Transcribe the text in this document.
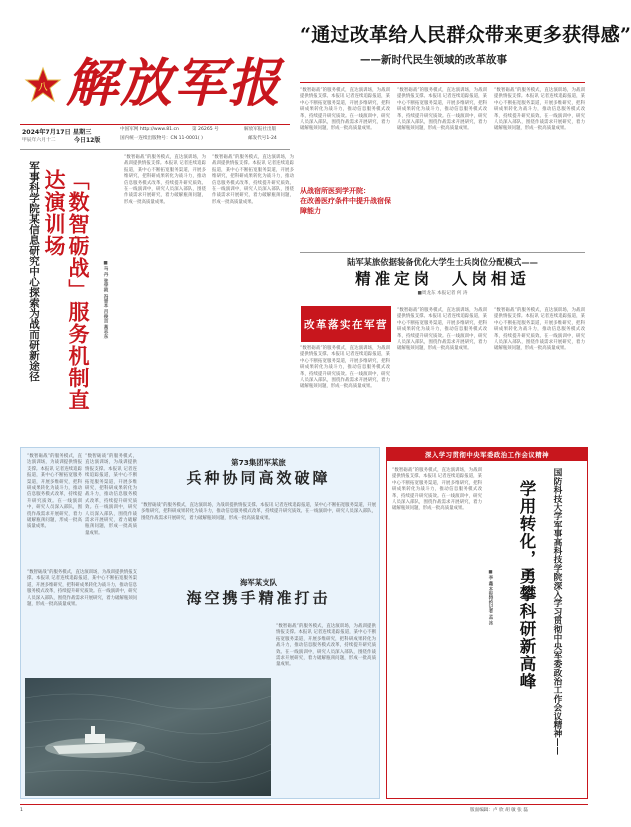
八 解放军报
2024年7月17日 星期三
甲辰年六月十二	今日12版
中国军网 http://www.81.cn	第 26265 号	解放军报社出版
国内统一连续出版物号：CN 11-0001( )	邮发代号1-24
“通过改革给人民群众带来更多获得感”
——新时代民生领域的改革故事
“数智砺战”的服务模式，直达演训场，为战训提供情报支撑。本报讯 记者连续追踪报道，某中心不断拓宽服务渠道，开展多维研究，把科研成果转化为战斗力，推动信息服务模式改革，持续提升研究质效。在一线演训中，研究人员深入部队，围绕作战需求开展研究，着力破解瓶颈问题，形成一批高质量成果。
“数智砺战”的服务模式，直达演训场，为战训提供情报支撑。本报讯 记者连续追踪报道，某中心不断拓宽服务渠道，开展多维研究，把科研成果转化为战斗力，推动信息服务模式改革，持续提升研究质效。在一线演训中，研究人员深入部队，围绕作战需求开展研究，着力破解瓶颈问题，形成一批高质量成果。
“数智砺战”的服务模式，直达演训场，为战训提供情报支撑。本报讯 记者连续追踪报道，某中心不断拓宽服务渠道，开展多维研究，把科研成果转化为战斗力，推动信息服务模式改革，持续提升研究质效。在一线演训中，研究人员深入部队，围绕作战需求开展研究，着力破解瓶颈问题，形成一批高质量成果。
从战宿所医到学开院：
在改善医疗条件中提升战宿保障能力
军事科学院某信息研究中心探索为战而研新途径	「数智砺战」服务机制直达演训场
■马 丹 张学祯 冯晋本 吕俊吉 高志东
“数智砺战”的服务模式，直达演训场，为战训提供情报支撑。本报讯 记者连续追踪报道，某中心不断拓宽服务渠道，开展多维研究，把科研成果转化为战斗力，推动信息服务模式改革，持续提升研究质效。在一线演训中，研究人员深入部队，围绕作战需求开展研究，着力破解瓶颈问题，形成一批高质量成果。
“数智砺战”的服务模式，直达演训场，为战训提供情报支撑。本报讯 记者连续追踪报道，某中心不断拓宽服务渠道，开展多维研究，把科研成果转化为战斗力，推动信息服务模式改革，持续提升研究质效。在一线演训中，研究人员深入部队，围绕作战需求开展研究，着力破解瓶颈问题，形成一批高质量成果。
陆军某旅依据装备优化大学生士兵岗位分配模式——
精准定岗  人岗相适
■周龙东 本报记者 何 涛
改革落实在军营
“数智砺战”的服务模式，直达演训场，为战训提供情报支撑。本报讯 记者连续追踪报道，某中心不断拓宽服务渠道，开展多维研究，把科研成果转化为战斗力，推动信息服务模式改革，持续提升研究质效。在一线演训中，研究人员深入部队，围绕作战需求开展研究，着力破解瓶颈问题，形成一批高质量成果。
“数智砺战”的服务模式，直达演训场，为战训提供情报支撑。本报讯 记者连续追踪报道，某中心不断拓宽服务渠道，开展多维研究，把科研成果转化为战斗力，推动信息服务模式改革，持续提升研究质效。在一线演训中，研究人员深入部队，围绕作战需求开展研究，着力破解瓶颈问题，形成一批高质量成果。
“数智砺战”的服务模式，直达演训场，为战训提供情报支撑。本报讯 记者连续追踪报道，某中心不断拓宽服务渠道，开展多维研究，把科研成果转化为战斗力，推动信息服务模式改革，持续提升研究质效。在一线演训中，研究人员深入部队，围绕作战需求开展研究，着力破解瓶颈问题，形成一批高质量成果。
“数智砺战”的服务模式，直达演训场，为战训提供情报支撑。本报讯 记者连续追踪报道，某中心不断拓宽服务渠道，开展多维研究，把科研成果转化为战斗力，推动信息服务模式改革，持续提升研究质效。在一线演训中，研究人员深入部队，围绕作战需求开展研究，着力破解瓶颈问题，形成一批高质量成果。
“数智砺战”的服务模式，直达演训场，为战训提供情报支撑。本报讯 记者连续追踪报道，某中心不断拓宽服务渠道，开展多维研究，把科研成果转化为战斗力，推动信息服务模式改革，持续提升研究质效。在一线演训中，研究人员深入部队，围绕作战需求开展研究，着力破解瓶颈问题，形成一批高质量成果。
“数智砺战”的服务模式，直达演训场，为战训提供情报支撑。本报讯 记者连续追踪报道，某中心不断拓宽服务渠道，开展多维研究，把科研成果转化为战斗力，推动信息服务模式改革，持续提升研究质效。在一线演训中，研究人员深入部队，围绕作战需求开展研究，着力破解瓶颈问题，形成一批高质量成果。
第73集团军某旅
兵种协同高效破障
“数智砺战”的服务模式，直达演训场，为战训提供情报支撑。本报讯 记者连续追踪报道，某中心不断拓宽服务渠道，开展多维研究，把科研成果转化为战斗力，推动信息服务模式改革，持续提升研究质效。在一线演训中，研究人员深入部队，围绕作战需求开展研究，着力破解瓶颈问题，形成一批高质量成果。
海军某支队
海空携手精准打击
“数智砺战”的服务模式，直达演训场，为战训提供情报支撑。本报讯 记者连续追踪报道，某中心不断拓宽服务渠道，开展多维研究，把科研成果转化为战斗力，推动信息服务模式改革，持续提升研究质效。在一线演训中，研究人员深入部队，围绕作战需求开展研究，着力破解瓶颈问题，形成一批高质量成果。
深入学习贯彻中央军委政治工作会议精神
“数智砺战”的服务模式，直达演训场，为战训提供情报支撑。本报讯 记者连续追踪报道，某中心不断拓宽服务渠道，开展多维研究，把科研成果转化为战斗力，推动信息服务模式改革，持续提升研究质效。在一线演训中，研究人员深入部队，围绕作战需求开展研究，着力破解瓶颈问题，形成一批高质量成果。	国防科技大学军事高科技学院深入学习贯彻中央军委政治工作会议精神——
学用转化，勇攀科研新高峰
■李 鑫 本报特约记者 孟 冰
版面编辑：卢 欣 胡 敏 张 磊
1
